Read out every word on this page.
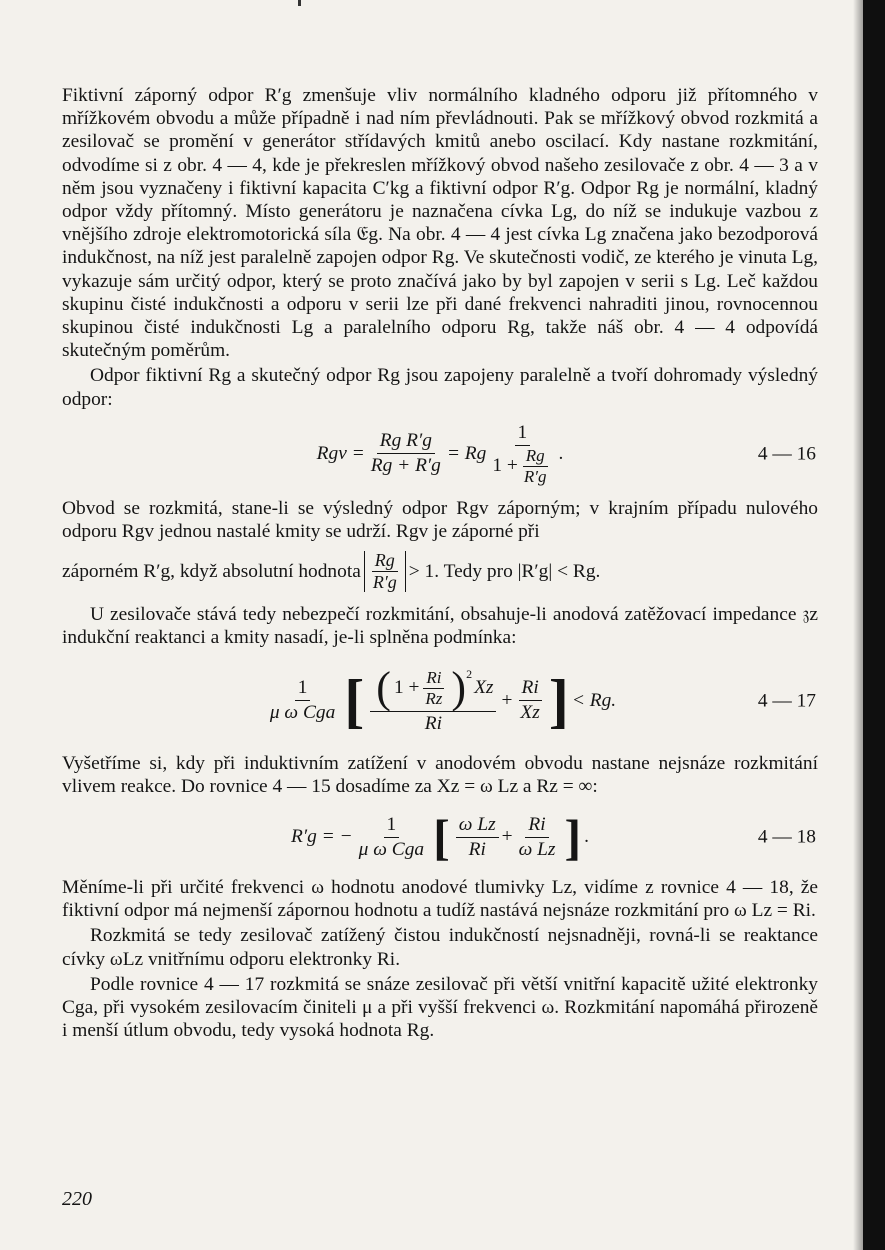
Fiktivní záporný odpor R′g zmenšuje vliv normálního kladného odporu již přítomného v mřížkovém obvodu a může případně i nad ním převládnouti. Pak se mřížkový obvod rozkmitá a zesilovač se promění v generátor střídavých kmitů anebo oscilací. Kdy nastane rozkmitání, odvodíme si z obr. 4 — 4, kde je překreslen mřížkový obvod našeho zesilovače z obr. 4 — 3 a v něm jsou vyznačeny i fiktivní kapacita C′kg a fiktivní odpor R′g. Odpor Rg je normální, kladný odpor vždy přítomný. Místo generátoru je naznačena cívka Lg, do níž se indukuje vazbou z vnějšího zdroje elektromotorická síla 𝔈g. Na obr. 4 — 4 jest cívka Lg značena jako bezodporová indukčnost, na níž jest paralelně zapojen odpor Rg. Ve skutečnosti vodič, ze kterého je vinuta Lg, vykazuje sám určitý odpor, který se proto značívá jako by byl zapojen v serii s Lg. Leč každou skupinu čisté indukčnosti a odporu v serii lze při dané frekvenci nahraditi jinou, rovnocennou skupinou čisté indukčnosti Lg a paralelního odporu Rg, takže náš obr. 4 — 4 odpovídá skutečným poměrům.

Odpor fiktivní Rg a skutečný odpor Rg jsou zapojeny paralelně a tvoří dohromady výsledný odpor:

Rgv = $\frac{\text{Rg R′g}}{Rg + R'g} = Rg \frac{1}{1 + \frac{Rg}{R'g}}$ .	4 — 16

Obvod se rozkmitá, stane-li se výsledný odpor Rgv záporným; v krajním případu nulového odporu Rgv jednou nastalé kmity se udrží. Rgv je záporné při

záporném R′g, když absolutní hodnota $\frac{Rg}{R'g} > 1$. Tedy pro |R′g| < Rg.

U zesilovače stává tedy nebezpečí rozkmitání, obsahuje-li anodová zatěžovací impedance 𝔷z indukční reaktanci a kmity nasadí, je-li splněna podmínka:

$\frac{1}{\text{μ ω Cga}}$ [ ( $1 + \frac{Ri}{Rz} )^2$
Xz
Ri
+ $\frac{Ri}{Xz}$ ] < Rg.	4 — 17

Vyšetříme si, kdy při induktivním zatížení v anodovém obvodu nastane nejsnáze rozkmitání vlivem reakce. Do rovnice 4 — 15 dosadíme za Xz = ω Lz a Rz = ∞:

R′g = − $\frac{1}{\text{μ ω Cga}}$ [ $\frac{\text{ω Lz}}{Ri} + \frac{Ri}{\text{ω Lz}}$ ] .	4 — 18

Měníme-li při určité frekvenci ω hodnotu anodové tlumivky Lz, vidíme z rovnice 4 — 18, že fiktivní odpor má nejmenší zápornou hodnotu a tudíž nastává nejsnáze rozkmitání pro ω Lz = Ri.

Rozkmitá se tedy zesilovač zatížený čistou indukčností nejsnadněji, rovná-li se reaktance cívky ωLz vnitřnímu odporu elektronky Ri.

Podle rovnice 4 — 17 rozkmitá se snáze zesilovač při větší vnitřní kapacitě užité elektronky Cga, při vysokém zesilovacím činiteli μ a při vyšší frekvenci ω. Rozkmitání napomáhá přirozeně i menší útlum obvodu, tedy vysoká hodnota Rg.

220
